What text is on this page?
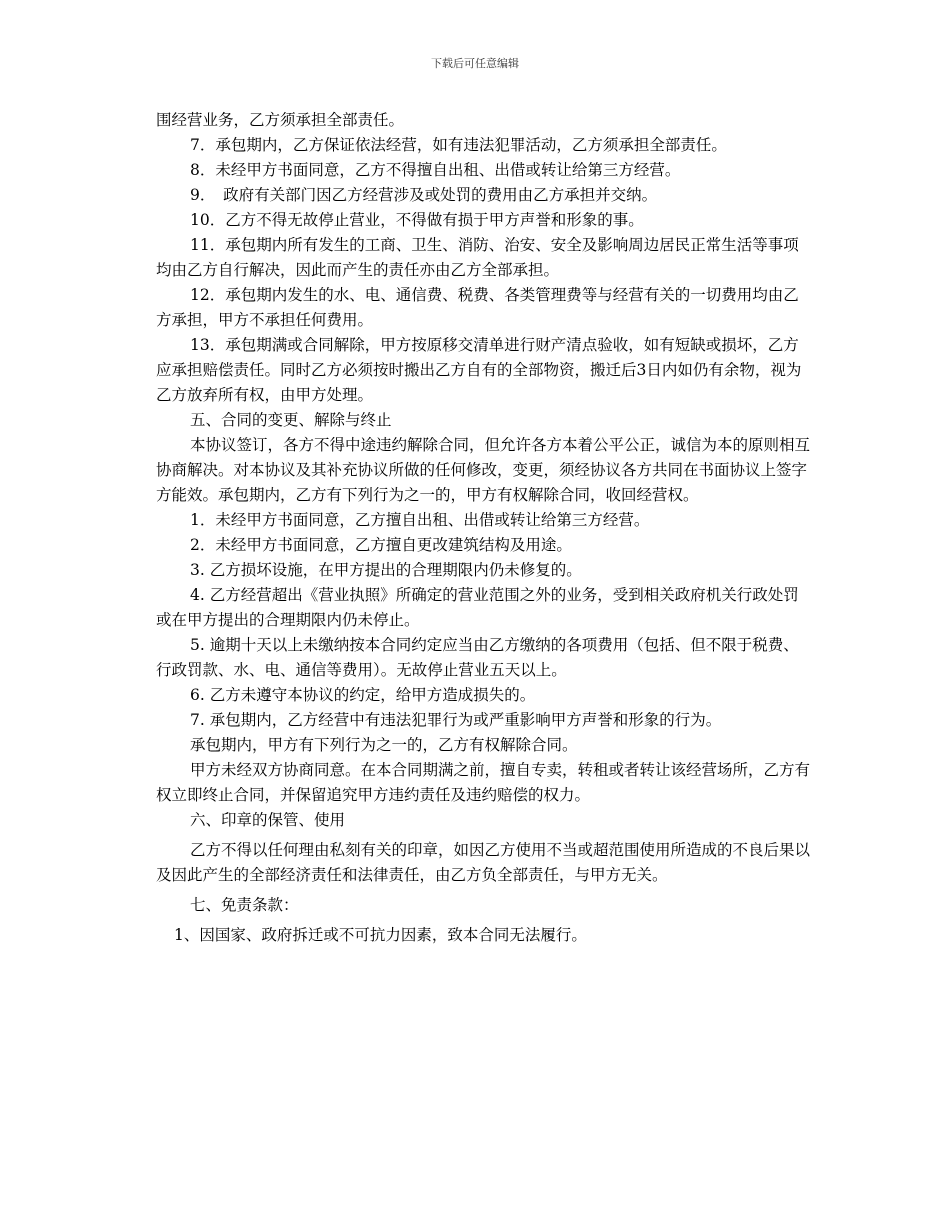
下载后可任意编辑

围经营业务，乙方须承担全部责任。

7．承包期内，乙方保证依法经营，如有违法犯罪活动，乙方须承担全部责任。

8．未经甲方书面同意，乙方不得擅自出租、出借或转让给第三方经营。

9．　政府有关部门因乙方经营涉及或处罚的费用由乙方承担并交纳。

10．乙方不得无故停止营业，不得做有损于甲方声誉和形象的事。

11．承包期内所有发生的工商、卫生、消防、治安、安全及影响周边居民正常生活等事项均由乙方自行解决，因此而产生的责任亦由乙方全部承担。

12．承包期内发生的水、电、通信费、税费、各类管理费等与经营有关的一切费用均由乙方承担，甲方不承担任何费用。

13．承包期满或合同解除，甲方按原移交清单进行财产清点验收，如有短缺或损坏，乙方应承担赔偿责任。同时乙方必须按时搬出乙方自有的全部物资，搬迁后3日内如仍有余物，视为乙方放弃所有权，由甲方处理。

五、合同的变更、解除与终止

本协议签订，各方不得中途违约解除合同，但允许各方本着公平公正，诚信为本的原则相互协商解决。对本协议及其补充协议所做的任何修改，变更，须经协议各方共同在书面协议上签字方能效。承包期内，乙方有下列行为之一的，甲方有权解除合同，收回经营权。

1．未经甲方书面同意，乙方擅自出租、出借或转让给第三方经营。

2．未经甲方书面同意，乙方擅自更改建筑结构及用途。

3. 乙方损坏设施，在甲方提出的合理期限内仍未修复的。

4. 乙方经营超出《营业执照》所确定的营业范围之外的业务，受到相关政府机关行政处罚或在甲方提出的合理期限内仍未停止。

5. 逾期十天以上未缴纳按本合同约定应当由乙方缴纳的各项费用（包括、但不限于税费、行政罚款、水、电、通信等费用）。无故停止营业五天以上。

6. 乙方未遵守本协议的约定，给甲方造成损失的。

7. 承包期内，乙方经营中有违法犯罪行为或严重影响甲方声誉和形象的行为。

承包期内，甲方有下列行为之一的，乙方有权解除合同。

甲方未经双方协商同意。在本合同期满之前，擅自专卖，转租或者转让该经营场所，乙方有权立即终止合同，并保留追究甲方违约责任及违约赔偿的权力。

六、印章的保管、使用

乙方不得以任何理由私刻有关的印章，如因乙方使用不当或超范围使用所造成的不良后果以及因此产生的全部经济责任和法律责任，由乙方负全部责任，与甲方无关。

七、免责条款：

1、因国家、政府拆迁或不可抗力因素，致本合同无法履行。
